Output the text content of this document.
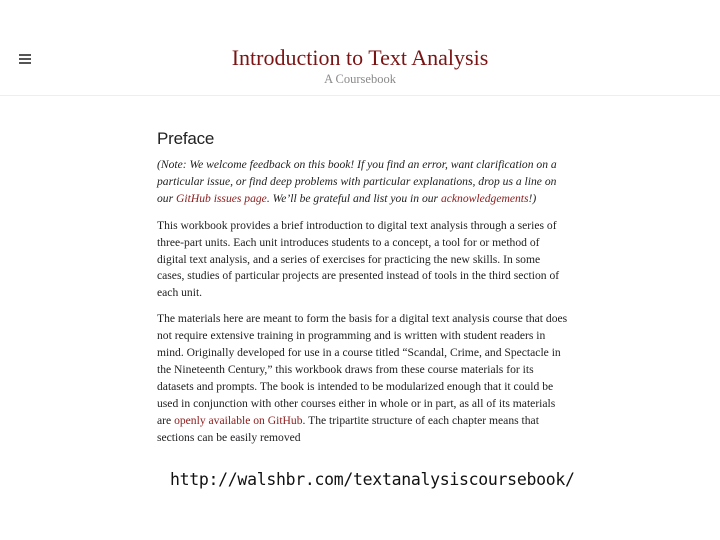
Introduction to Text Analysis
A Coursebook
Preface

(Note: We welcome feedback on this book! If you find an error, want clarification on a particular issue, or find deep problems with particular explanations, drop us a line on our GitHub issues page. We’ll be grateful and list you in our acknowledgements!)

This workbook provides a brief introduction to digital text analysis through a series of three-part units. Each unit introduces students to a concept, a tool for or method of digital text analysis, and a series of exercises for practicing the new skills. In some cases, studies of particular projects are presented instead of tools in the third section of each unit.

The materials here are meant to form the basis for a digital text analysis course that does not require extensive training in programming and is written with student readers in mind. Originally developed for use in a course titled “Scandal, Crime, and Spectacle in the Nineteenth Century,” this workbook draws from these course materials for its datasets and prompts. The book is intended to be modularized enough that it could be used in conjunction with other courses either in whole or in part, as all of its materials are openly available on GitHub. The tripartite structure of each chapter means that sections can be easily removed

http://walshbr.com/textanalysiscoursebook/
